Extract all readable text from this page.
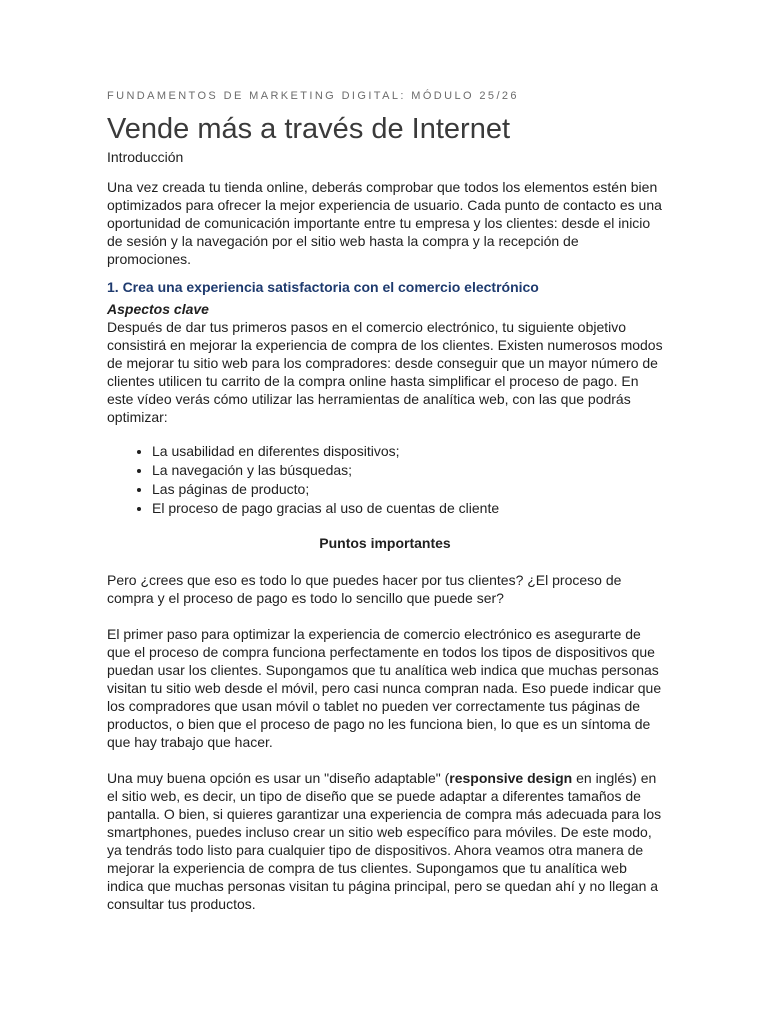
FUNDAMENTOS DE MARKETING DIGITAL: MÓDULO 25/26
Vende más a través de Internet
Introducción

Una vez creada tu tienda online, deberás comprobar que todos los elementos estén bien optimizados para ofrecer la mejor experiencia de usuario. Cada punto de contacto es una oportunidad de comunicación importante entre tu empresa y los clientes: desde el inicio de sesión y la navegación por el sitio web hasta la compra y la recepción de promociones.

1. Crea una experiencia satisfactoria con el comercio electrónico
Aspectos clave

Después de dar tus primeros pasos en el comercio electrónico, tu siguiente objetivo consistirá en mejorar la experiencia de compra de los clientes. Existen numerosos modos de mejorar tu sitio web para los compradores: desde conseguir que un mayor número de clientes utilicen tu carrito de la compra online hasta simplificar el proceso de pago. En este vídeo verás cómo utilizar las herramientas de analítica web, con las que podrás optimizar:

• La usabilidad en diferentes dispositivos;
• La navegación y las búsquedas;
• Las páginas de producto;
• El proceso de pago gracias al uso de cuentas de cliente
Puntos importantes

Pero ¿crees que eso es todo lo que puedes hacer por tus clientes? ¿El proceso de compra y el proceso de pago es todo lo sencillo que puede ser?

El primer paso para optimizar la experiencia de comercio electrónico es asegurarte de que el proceso de compra funciona perfectamente en todos los tipos de dispositivos que puedan usar los clientes. Supongamos que tu analítica web indica que muchas personas visitan tu sitio web desde el móvil, pero casi nunca compran nada. Eso puede indicar que los compradores que usan móvil o tablet no pueden ver correctamente tus páginas de productos, o bien que el proceso de pago no les funciona bien, lo que es un síntoma de que hay trabajo que hacer.

Una muy buena opción es usar un "diseño adaptable" (responsive design en inglés) en el sitio web, es decir, un tipo de diseño que se puede adaptar a diferentes tamaños de pantalla. O bien, si quieres garantizar una experiencia de compra más adecuada para los smartphones, puedes incluso crear un sitio web específico para móviles. De este modo, ya tendrás todo listo para cualquier tipo de dispositivos. Ahora veamos otra manera de mejorar la experiencia de compra de tus clientes. Supongamos que tu analítica web indica que muchas personas visitan tu página principal, pero se quedan ahí y no llegan a consultar tus productos.
